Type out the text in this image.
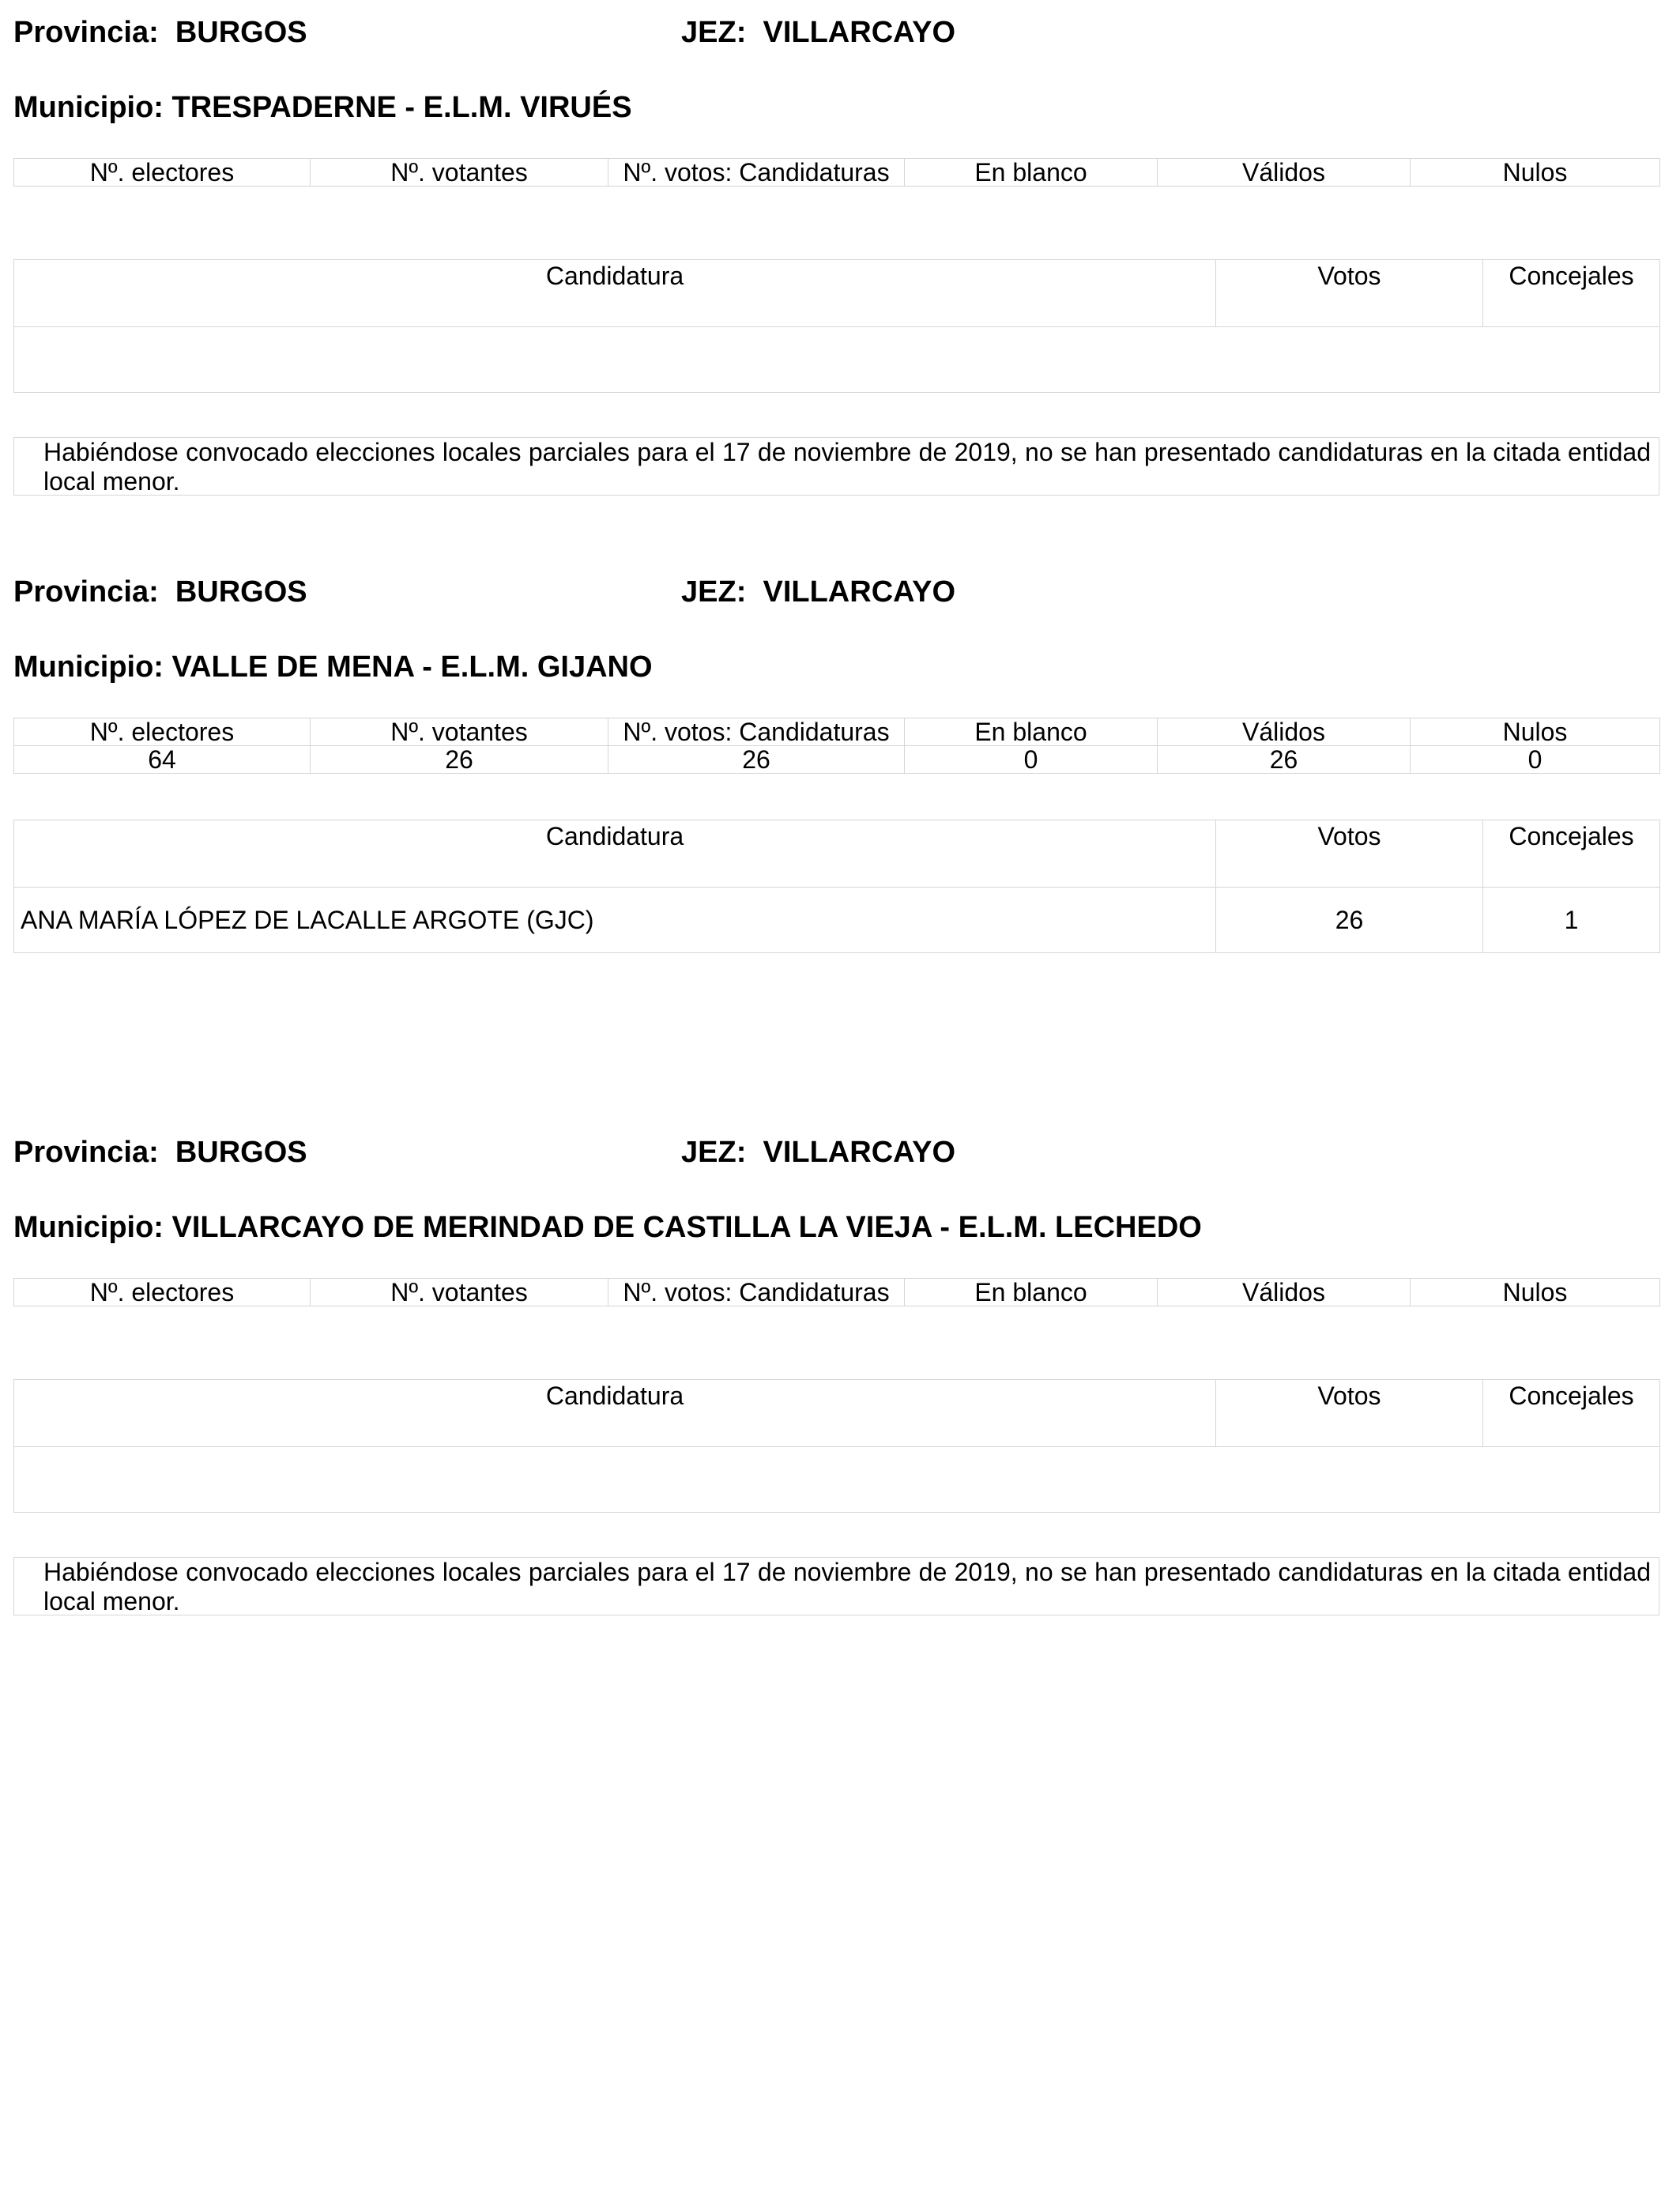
Provincia: BURGOS	JEZ: VILLARCAYO
Municipio: TRESPADERNE - E.L.M. VIRUÉS
Nº. electores	Nº. votantes	Nº. votos: Candidaturas	En blanco	Válidos	Nulos
Candidatura	Votos	Concejales

Habiéndose convocado elecciones locales parciales para el 17 de noviembre de 2019, no se han presentado candidaturas en la citada entidad local menor.
Provincia: BURGOS	JEZ: VILLARCAYO
Municipio: VALLE DE MENA - E.L.M. GIJANO
Nº. electores	Nº. votantes	Nº. votos: Candidaturas	En blanco	Válidos	Nulos
64	26	26	0	26	0
Candidatura	Votos	Concejales
ANA MARÍA LÓPEZ DE LACALLE ARGOTE (GJC)	26	1
Provincia: BURGOS	JEZ: VILLARCAYO
Municipio: VILLARCAYO DE MERINDAD DE CASTILLA LA VIEJA - E.L.M. LECHEDO
Nº. electores	Nº. votantes	Nº. votos: Candidaturas	En blanco	Válidos	Nulos
Candidatura	Votos	Concejales

Habiéndose convocado elecciones locales parciales para el 17 de noviembre de 2019, no se han presentado candidaturas en la citada entidad local menor.
